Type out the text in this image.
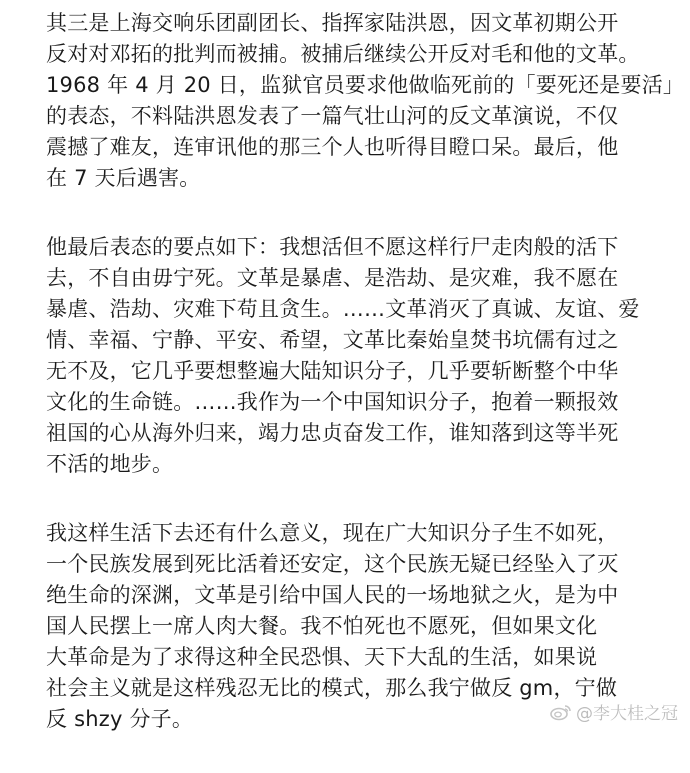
其三是上海交响乐团副团长、指挥家陆洪恩，因文革初期公开
反对对邓拓的批判而被捕。被捕后继续公开反对毛和他的文革。
1968 年 4 月 20 日，监狱官员要求他做临死前的「要死还是要活」
的表态，不料陆洪恩发表了一篇气壮山河的反文革演说，不仅
震撼了难友，连审讯他的那三个人也听得目瞪口呆。最后，他
在 7 天后遇害。
他最后表态的要点如下：我想活但不愿这样行尸走肉般的活下
去，不自由毋宁死。文革是暴虐、是浩劫、是灾难，我不愿在
暴虐、浩劫、灾难下苟且贪生。……文革消灭了真诚、友谊、爱
情、幸福、宁静、平安、希望，文革比秦始皇焚书坑儒有过之
无不及，它几乎要想整遍大陆知识分子，几乎要斩断整个中华
文化的生命链。……我作为一个中国知识分子，抱着一颗报效
祖国的心从海外归来，竭力忠贞奋发工作，谁知落到这等半死
不活的地步。
我这样生活下去还有什么意义，现在广大知识分子生不如死，
一个民族发展到死比活着还安定，这个民族无疑已经坠入了灭
绝生命的深渊，文革是引给中国人民的一场地狱之火，是为中
国人民摆上一席人肉大餐。我不怕死也不愿死，但如果文化
大革命是为了求得这种全民恐惧、天下大乱的生活，如果说
社会主义就是这样残忍无比的模式，那么我宁做反 gm，宁做
反 shzy 分子。	@李大桂之冠
